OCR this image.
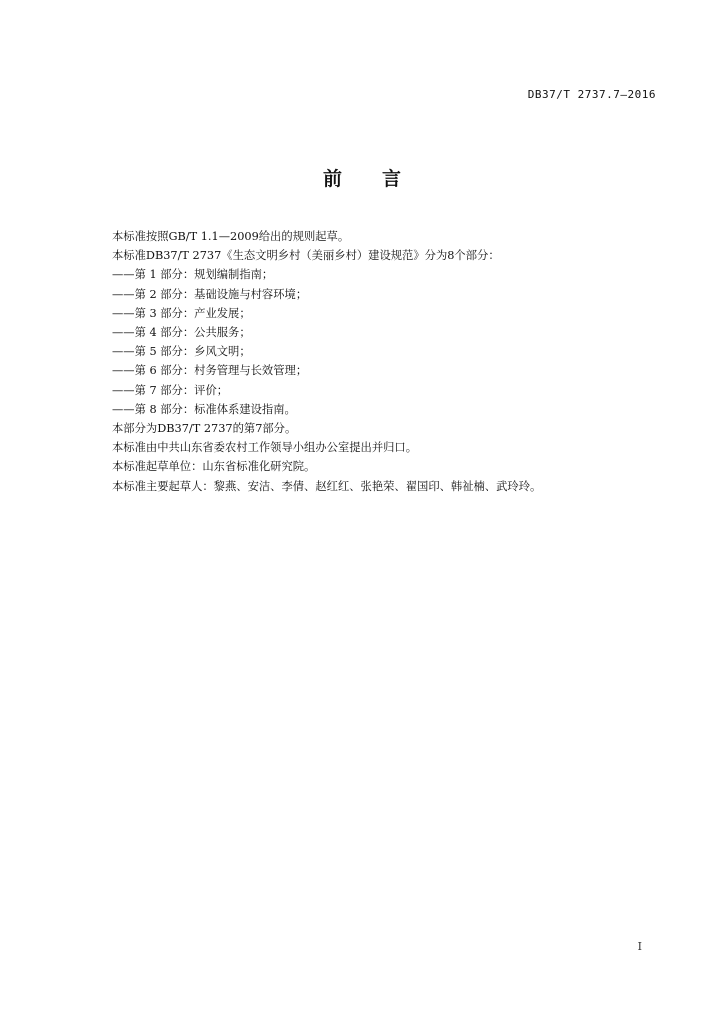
DB37/T 2737.7—2016
前 言
本标准按照GB/T 1.1—2009给出的规则起草。
本标准DB37/T 2737《生态文明乡村（美丽乡村）建设规范》分为8个部分：
——第 1 部分：规划编制指南；
——第 2 部分：基础设施与村容环境；
——第 3 部分：产业发展；
——第 4 部分：公共服务；
——第 5 部分：乡风文明；
——第 6 部分：村务管理与长效管理；
——第 7 部分：评价；
——第 8 部分：标准体系建设指南。
本部分为DB37/T 2737的第7部分。
本标准由中共山东省委农村工作领导小组办公室提出并归口。
本标准起草单位：山东省标准化研究院。
本标准主要起草人：黎燕、安洁、李倩、赵红红、张艳荣、翟国印、韩祉楠、武玲玲。
I
